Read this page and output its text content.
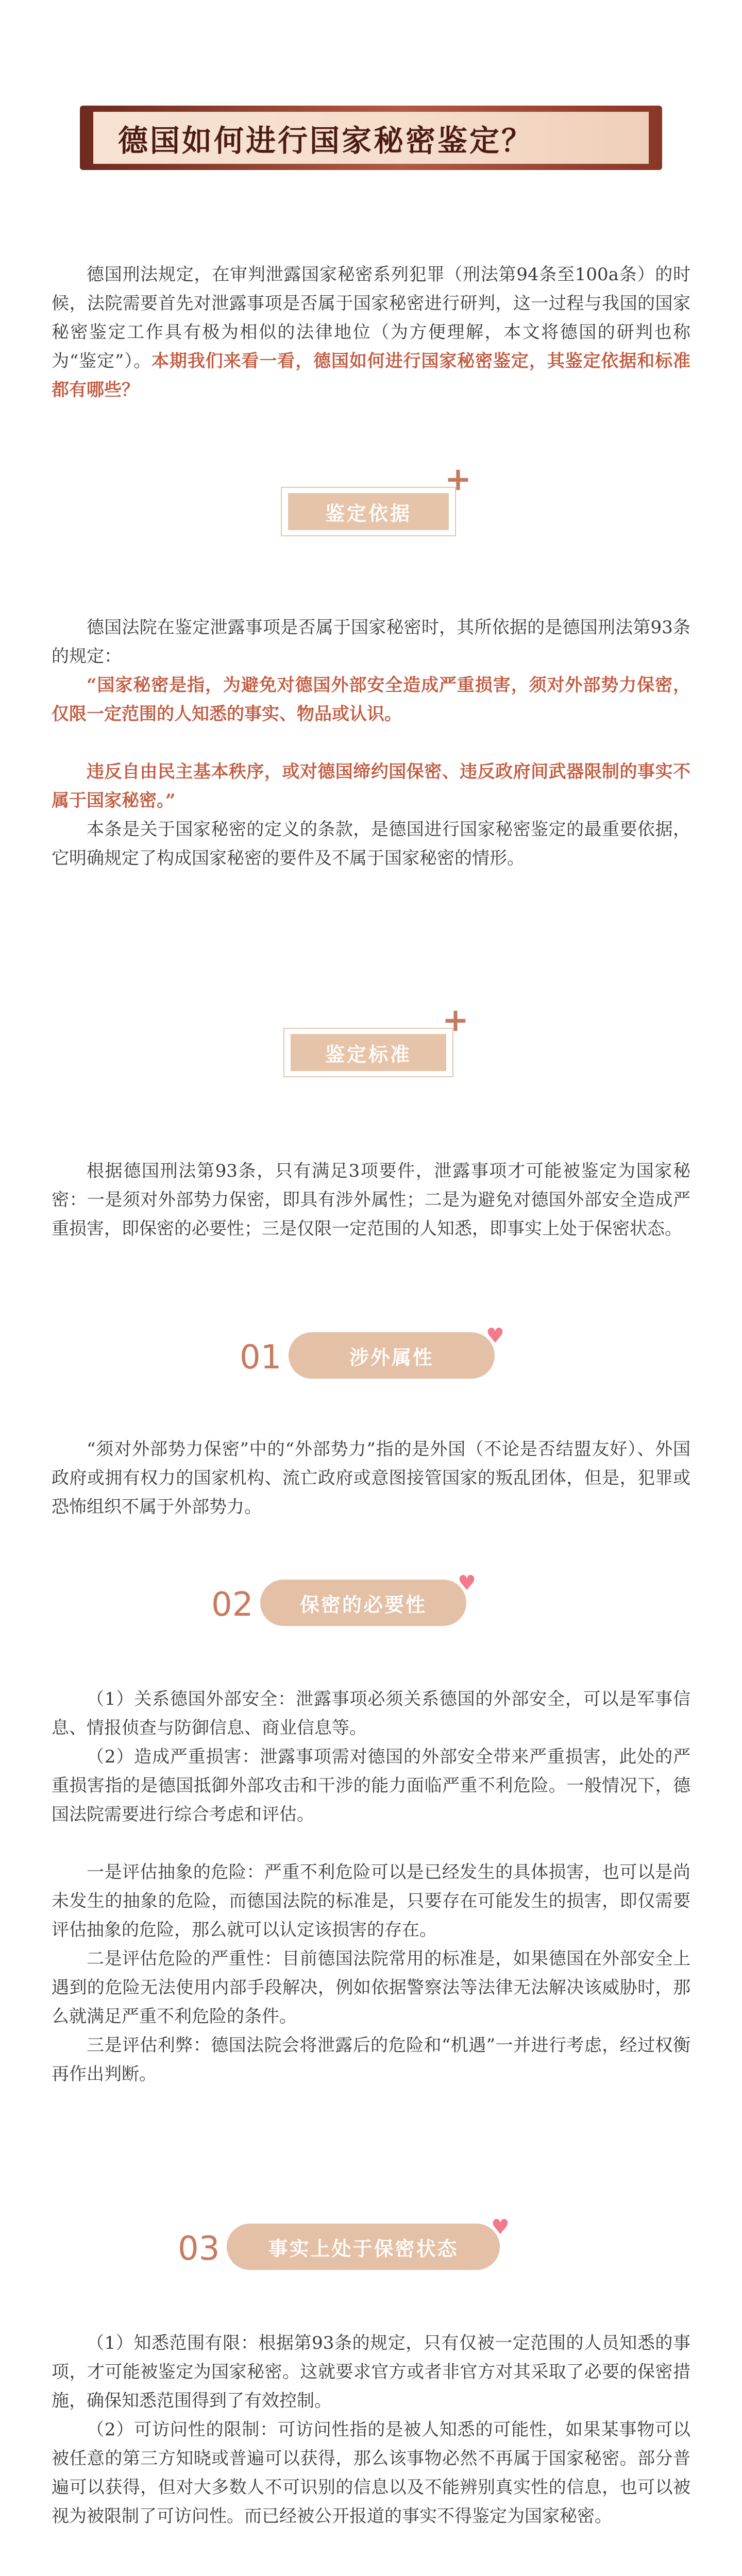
德国如何进行国家秘密鉴定？

德国刑法规定，在审判泄露国家秘密系列犯罪（刑法第94条至100a条）的时候，法院需要首先对泄露事项是否属于国家秘密进行研判，这一过程与我国的国家秘密鉴定工作具有极为相似的法律地位（为方便理解，本文将德国的研判也称为“鉴定”）。本期我们来看一看，德国如何进行国家秘密鉴定，其鉴定依据和标准都有哪些？

鉴定依据
+

德国法院在鉴定泄露事项是否属于国家秘密时，其所依据的是德国刑法第93条的规定：

“国家秘密是指，为避免对德国外部安全造成严重损害，须对外部势力保密，仅限一定范围的人知悉的事实、物品或认识。

违反自由民主基本秩序，或对德国缔约国保密、违反政府间武器限制的事实不属于国家秘密。”

本条是关于国家秘密的定义的条款，是德国进行国家秘密鉴定的最重要依据，它明确规定了构成国家秘密的要件及不属于国家秘密的情形。

鉴定标准
+

根据德国刑法第93条，只有满足3项要件，泄露事项才可能被鉴定为国家秘密：一是须对外部势力保密，即具有涉外属性；二是为避免对德国外部安全造成严重损害，即保密的必要性；三是仅限一定范围的人知悉，即事实上处于保密状态。

01	涉外属性
♥

“须对外部势力保密”中的“外部势力”指的是外国（不论是否结盟友好）、外国政府或拥有权力的国家机构、流亡政府或意图接管国家的叛乱团体，但是，犯罪或恐怖组织不属于外部势力。

02 保密的必要性
♥

（1）关系德国外部安全：泄露事项必须关系德国的外部安全，可以是军事信息、情报侦查与防御信息、商业信息等。

（2）造成严重损害：泄露事项需对德国的外部安全带来严重损害，此处的严重损害指的是德国抵御外部攻击和干涉的能力面临严重不利危险。一般情况下，德国法院需要进行综合考虑和评估。

一是评估抽象的危险：严重不利危险可以是已经发生的具体损害，也可以是尚未发生的抽象的危险，而德国法院的标准是，只要存在可能发生的损害，即仅需要评估抽象的危险，那么就可以认定该损害的存在。

二是评估危险的严重性：目前德国法院常用的标准是，如果德国在外部安全上遇到的危险无法使用内部手段解决，例如依据警察法等法律无法解决该威胁时，那么就满足严重不利危险的条件。

三是评估利弊：德国法院会将泄露后的危险和“机遇”一并进行考虑，经过权衡再作出判断。

03 事实上处于保密状态
♥

（1）知悉范围有限：根据第93条的规定，只有仅被一定范围的人员知悉的事项，才可能被鉴定为国家秘密。这就要求官方或者非官方对其采取了必要的保密措施，确保知悉范围得到了有效控制。

（2）可访问性的限制：可访问性指的是被人知悉的可能性，如果某事物可以被任意的第三方知晓或普遍可以获得，那么该事物必然不再属于国家秘密。部分普遍可以获得，但对大多数人不可识别的信息以及不能辨别真实性的信息，也可以被视为被限制了可访问性。而已经被公开报道的事实不得鉴定为国家秘密。
